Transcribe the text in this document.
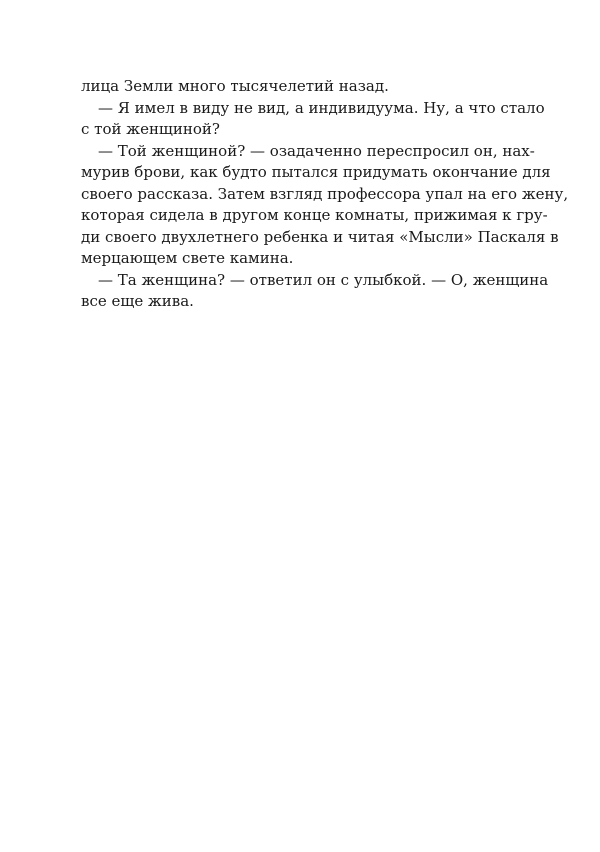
лица Земли много тысячелетий назад.
— Я имел в виду не вид, а индивидуума. Ну, а что стало
с той женщиной?
— Той женщиной? — озадаченно переспросил он, нах-
мурив брови, как будто пытался придумать окончание для
своего рассказа. Затем взгляд профессора упал на его жену,
которая сидела в другом конце комнаты, прижимая к гру-
ди своего двухлетнего ребенка и читая «Мысли» Паскаля в
мерцающем свете камина.
— Та женщина? — ответил он с улыбкой. — О, женщина
все еще жива.
